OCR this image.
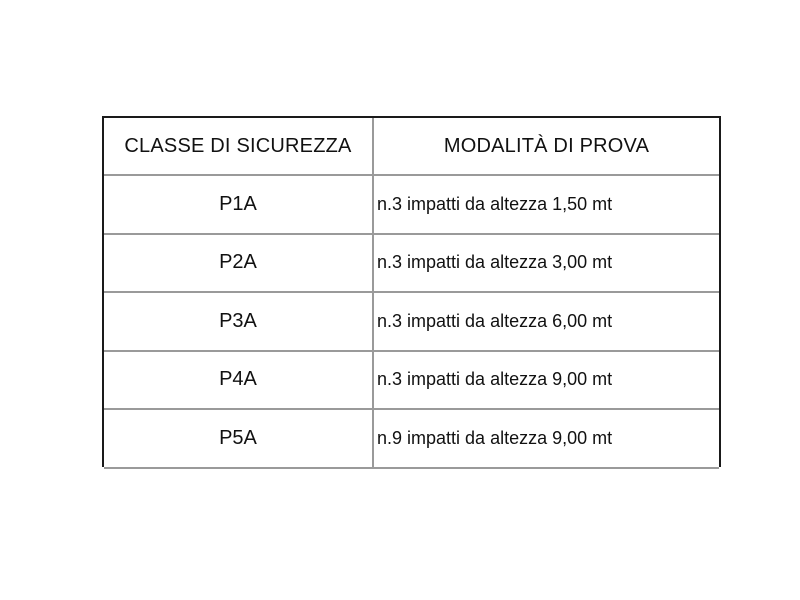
CLASSE DI SICUREZZA	MODALITÀ DI PROVA
P1A	n.3 impatti da altezza 1,50 mt
P2A	n.3 impatti da altezza 3,00 mt
P3A	n.3 impatti da altezza 6,00 mt
P4A	n.3 impatti da altezza 9,00 mt
P5A	n.9 impatti da altezza 9,00 mt
